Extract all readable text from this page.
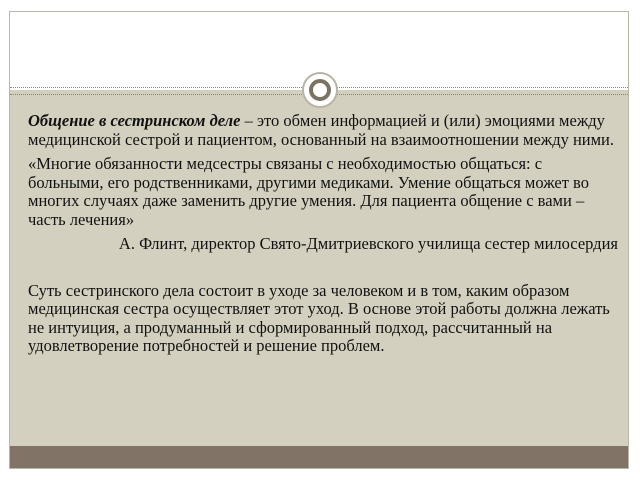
Общение в сестринском деле – это обмен информацией и (или) эмоциями между медицинской сестрой и пациентом, основанный на взаимоотношении между ними.

«Многие обязанности медсестры связаны с необходимостью общаться: с больными, его родственниками, другими медиками. Умение общаться может во многих случаях даже заменить другие умения. Для пациента общение с вами – часть лечения»

А. Флинт, директор Свято-Дмитриевского училища сестер милосердия

Суть сестринского дела состоит в уходе за человеком и в том, каким образом медицинская сестра осуществляет этот уход. В основе этой работы должна лежать не интуиция, а продуманный и сформированный подход, рассчитанный на удовлетворение потребностей и решение проблем.
